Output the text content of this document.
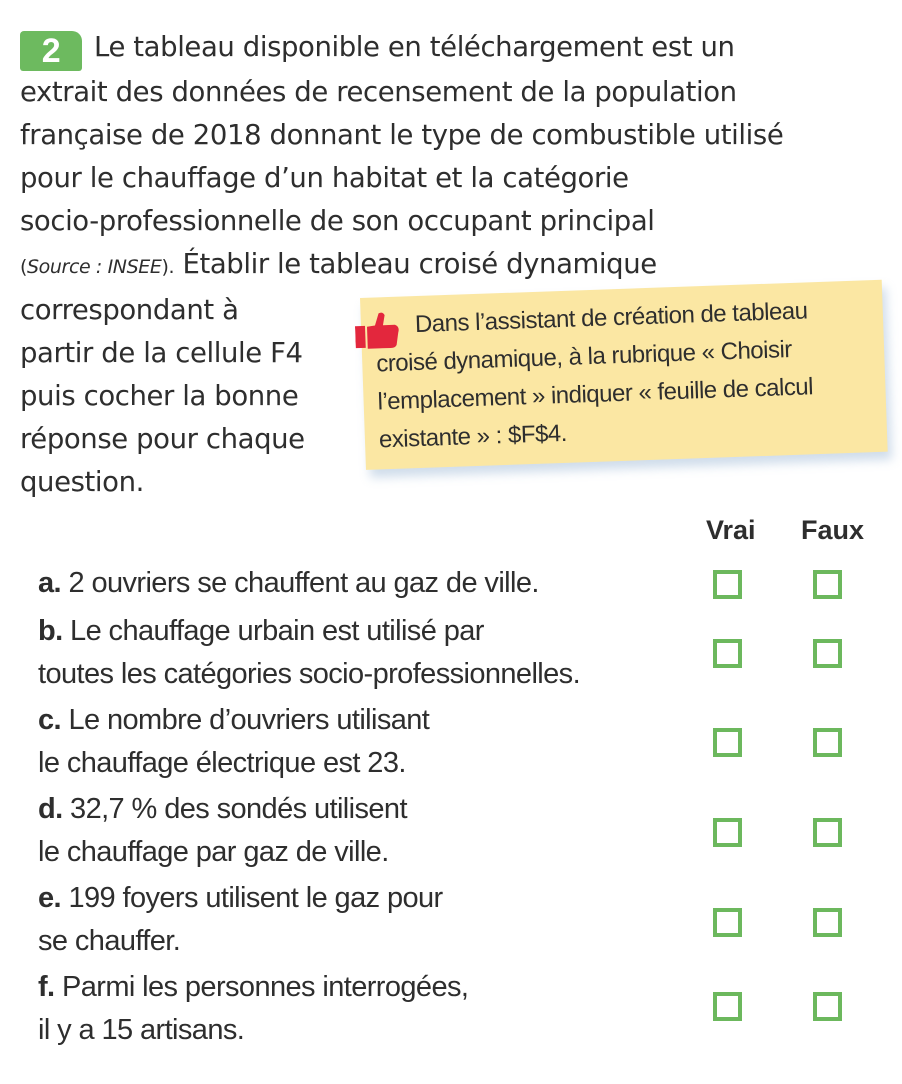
2 Le tableau disponible en téléchargement est un
extrait des données de recensement de la population
française de 2018 donnant le type de combustible utilisé
pour le chauffage d’un habitat et la catégorie
socio-professionnelle de son occupant principal
(Source : INSEE). Établir le tableau croisé dynamique
correspondant à
partir de la cellule F4
puis cocher la bonne
réponse pour chaque
question.
Dans l’assistant de création de tableau
croisé dynamique, à la rubrique « Choisir
l’emplacement » indiquer « feuille de calcul
existante » : $F$4.
Vrai Faux
a. 2 ouvriers se chauffent au gaz de ville.
b. Le chauffage urbain est utilisé par
toutes les catégories socio-professionnelles.
c. Le nombre d’ouvriers utilisant
le chauffage électrique est 23.
d. 32,7 % des sondés utilisent
le chauffage par gaz de ville.
e. 199 foyers utilisent le gaz pour
se chauffer.
f. Parmi les personnes interrogées,
il y a 15 artisans.
